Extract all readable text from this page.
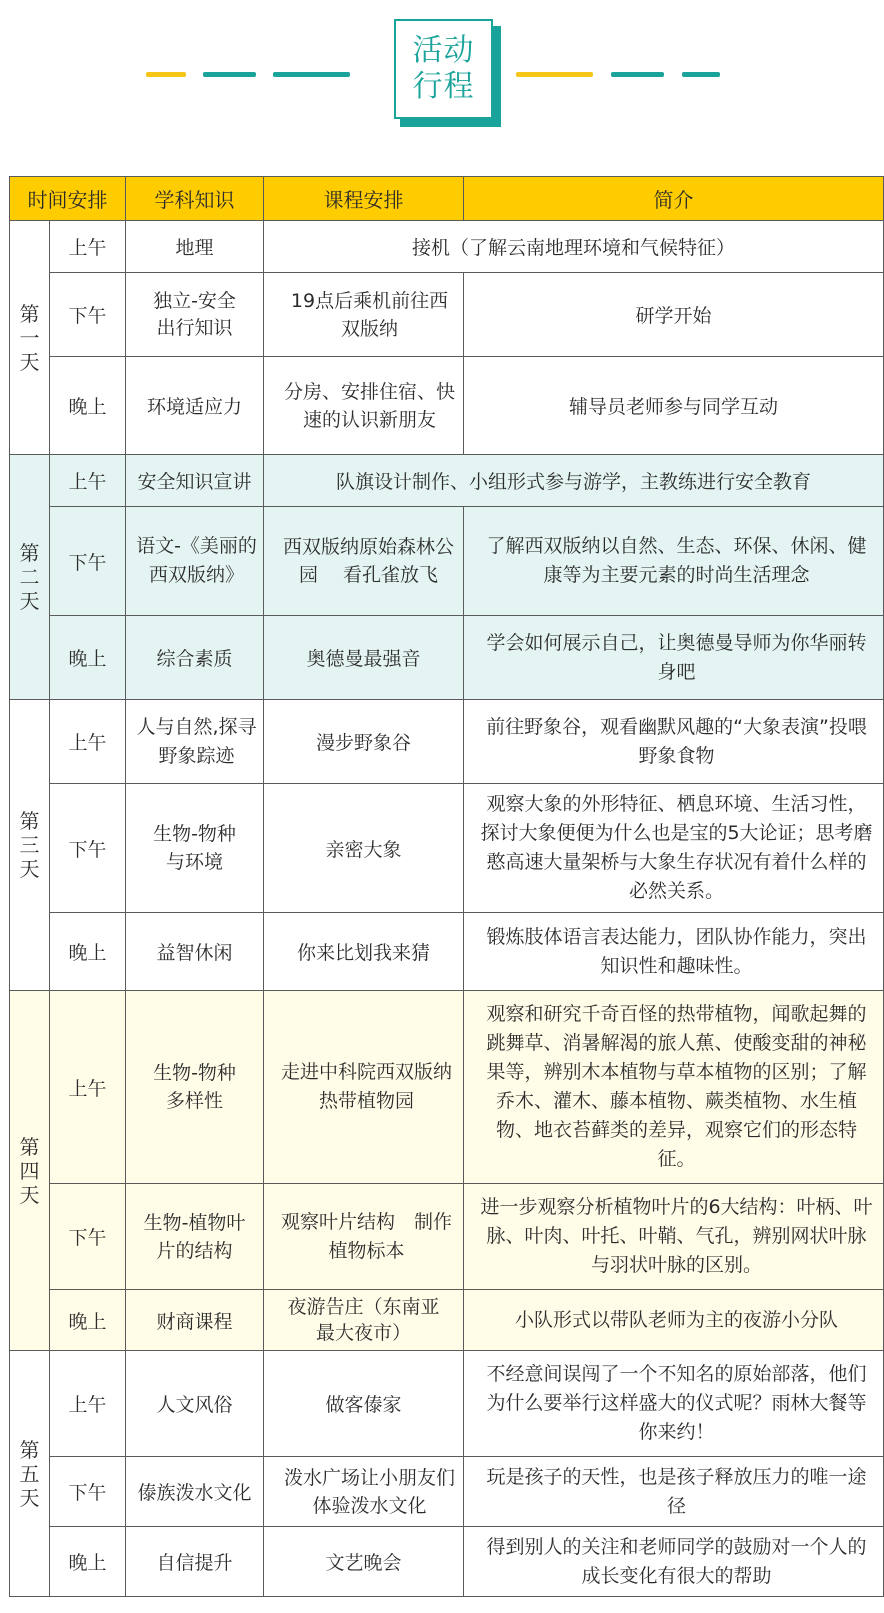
活动
行程
时间安排		学科知识	课程安排	简介

第
一
天	上午	地理	接机（了解云南地理环境和气候特征）	
	下午	独立-安全出行知识	19点后乘机前往西双版纳	研学开始
	晚上	环境适应力	分房、安排住宿、快速的认识新朋友	辅导员老师参与同学互动

第
二
天	上午	安全知识宣讲	队旗设计制作、小组形式参与游学，主教练进行安全教育	
	下午	语文-《美丽的西双版纳》	西双版纳原始森林公园　 看孔雀放飞	了解西双版纳以自然、生态、环保、休闲、健康等为主要元素的时尚生活理念
	晚上	综合素质	奥德曼最强音	学会如何展示自己，让奥德曼导师为你华丽转身吧

第
三
天	上午	人与自然,探寻野象踪迹	漫步野象谷	前往野象谷，观看幽默风趣的“大象表演”投喂野象食物
	下午	生物-物种与环境	亲密大象	观察大象的外形特征、栖息环境、生活习性，探讨大象便便为什么也是宝的5大论证；思考磨憨高速大量架桥与大象生存状况有着什么样的必然关系。
	晚上	益智休闲	你来比划我来猜	锻炼肢体语言表达能力，团队协作能力，突出知识性和趣味性。

第
四
天	上午	生物-物种多样性	走进中科院西双版纳热带植物园	观察和研究千奇百怪的热带植物，闻歌起舞的跳舞草、消暑解渴的旅人蕉、使酸变甜的神秘果等，辨别木本植物与草本植物的区别；了解乔木、灌木、藤本植物、蕨类植物、水生植物、地衣苔藓类的差异，观察它们的形态特征。
	下午	生物-植物叶片的结构	观察叶片结构　制作植物标本	进一步观察分析植物叶片的6大结构：叶柄、叶脉、叶肉、叶托、叶鞘、气孔，辨别网状叶脉与羽状叶脉的区别。
	晚上	财商课程	夜游告庄（东南亚最大夜市）	小队形式以带队老师为主的夜游小分队

第
五
天	上午	人文风俗	做客傣家	不经意间误闯了一个不知名的原始部落，他们为什么要举行这样盛大的仪式呢？雨林大餐等你来约！
	下午	傣族泼水文化	泼水广场让小朋友们体验泼水文化	玩是孩子的天性，也是孩子释放压力的唯一途径
	晚上	自信提升	文艺晚会	得到别人的关注和老师同学的鼓励对一个人的成长变化有很大的帮助
